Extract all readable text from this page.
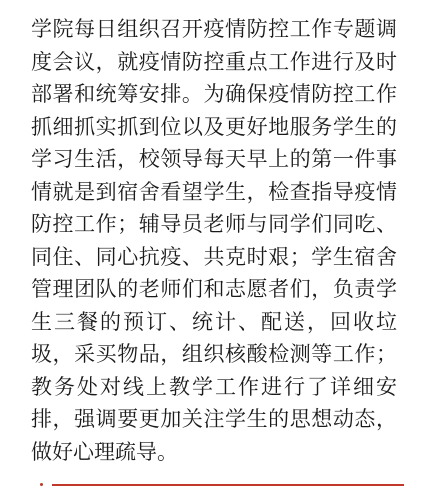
学院每日组织召开疫情防控工作专题调
度会议，就疫情防控重点工作进行及时
部署和统筹安排。为确保疫情防控工作
抓细抓实抓到位以及更好地服务学生的
学习生活，校领导每天早上的第一件事
情就是到宿舍看望学生，检查指导疫情
防控工作；辅导员老师与同学们同吃、
同住、同心抗疫、共克时艰；学生宿舍
管理团队的老师们和志愿者们，负责学
生三餐的预订、统计、配送，回收垃
圾，采买物品，组织核酸检测等工作；
教务处对线上教学工作进行了详细安
排，强调要更加关注学生的思想动态，
做好心理疏导。
